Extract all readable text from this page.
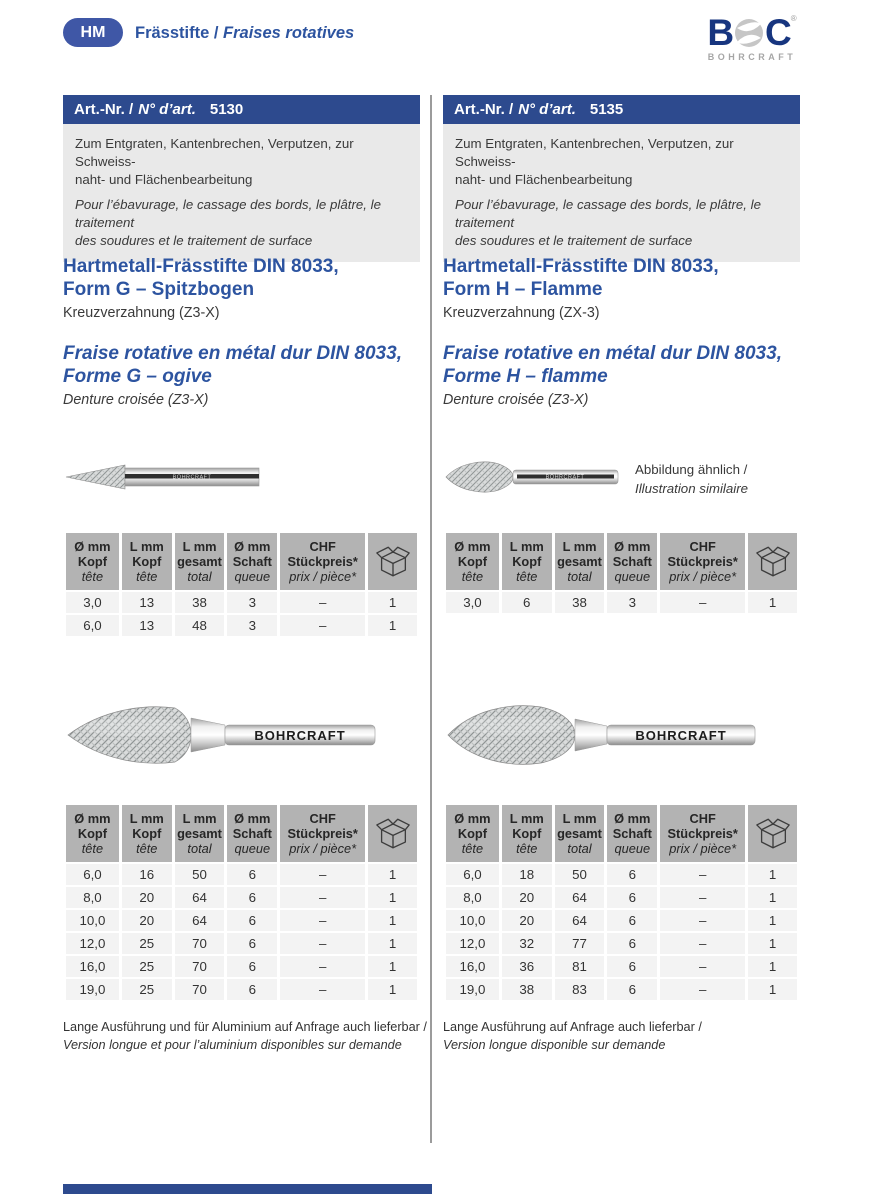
HM	Frässtifte / Fraises rotatives	B C ®
BOHRCRAFT
Art.-Nr. / N° d’art. 5130
Zum Entgraten, Kantenbrechen, Verputzen, zur Schweiss-
naht- und Flächenbearbeitung
Pour l’ébavurage, le cassage des bords, le plâtre, le traitement
des soudures et le traitement de surface
Hartmetall-Frässtifte DIN 8033,
Form G – Spitzbogen
Kreuzverzahnung (Z3-X)
Fraise rotative en métal dur DIN 8033,
Forme G – ogive
Denture croisée (Z3-X)
BOHRCRAFT
Ø mm
Kopf
tête

L mm
Kopf
tête

L mm
gesamt
total

Ø mm
Schaft
queue

CHF
Stückpreis*
prix / pièce*

3,0	13	38	3	–	1
6,0	13	48	3	–	1
BOHRCRAFT
Ø mm
Kopf
tête

L mm
Kopf
tête

L mm
gesamt
total

Ø mm
Schaft
queue

CHF
Stückpreis*
prix / pièce*

6,0	16	50	6	–	1
8,0	20	64	6	–	1
10,0	20	64	6	–	1
12,0	25	70	6	–	1
16,0	25	70	6	–	1
19,0	25	70	6	–	1
Lange Ausführung und für Aluminium auf Anfrage auch lieferbar /
Version longue et pour l’aluminium disponibles sur demande
Art.-Nr. / N° d’art. 5135
Zum Entgraten, Kantenbrechen, Verputzen, zur Schweiss-
naht- und Flächenbearbeitung
Pour l’ébavurage, le cassage des bords, le plâtre, le traitement
des soudures et le traitement de surface
Hartmetall-Frässtifte DIN 8033,
Form H – Flamme
Kreuzverzahnung (ZX-3)
Fraise rotative en métal dur DIN 8033,
Forme H – flamme
Denture croisée (Z3-X)
BOHRCRAFT
Abbildung ähnlich /
Illustration similaire
Ø mm
Kopf
tête

L mm
Kopf
tête

L mm
gesamt
total

Ø mm
Schaft
queue

CHF
Stückpreis*
prix / pièce*

3,0	6	38	3	–	1
BOHRCRAFT
Ø mm
Kopf
tête

L mm
Kopf
tête

L mm
gesamt
total

Ø mm
Schaft
queue

CHF
Stückpreis*
prix / pièce*

6,0	18	50	6	–	1
8,0	20	64	6	–	1
10,0	20	64	6	–	1
12,0	32	77	6	–	1
16,0	36	81	6	–	1
19,0	38	83	6	–	1
Lange Ausführung auf Anfrage auch lieferbar /
Version longue disponible sur demande
